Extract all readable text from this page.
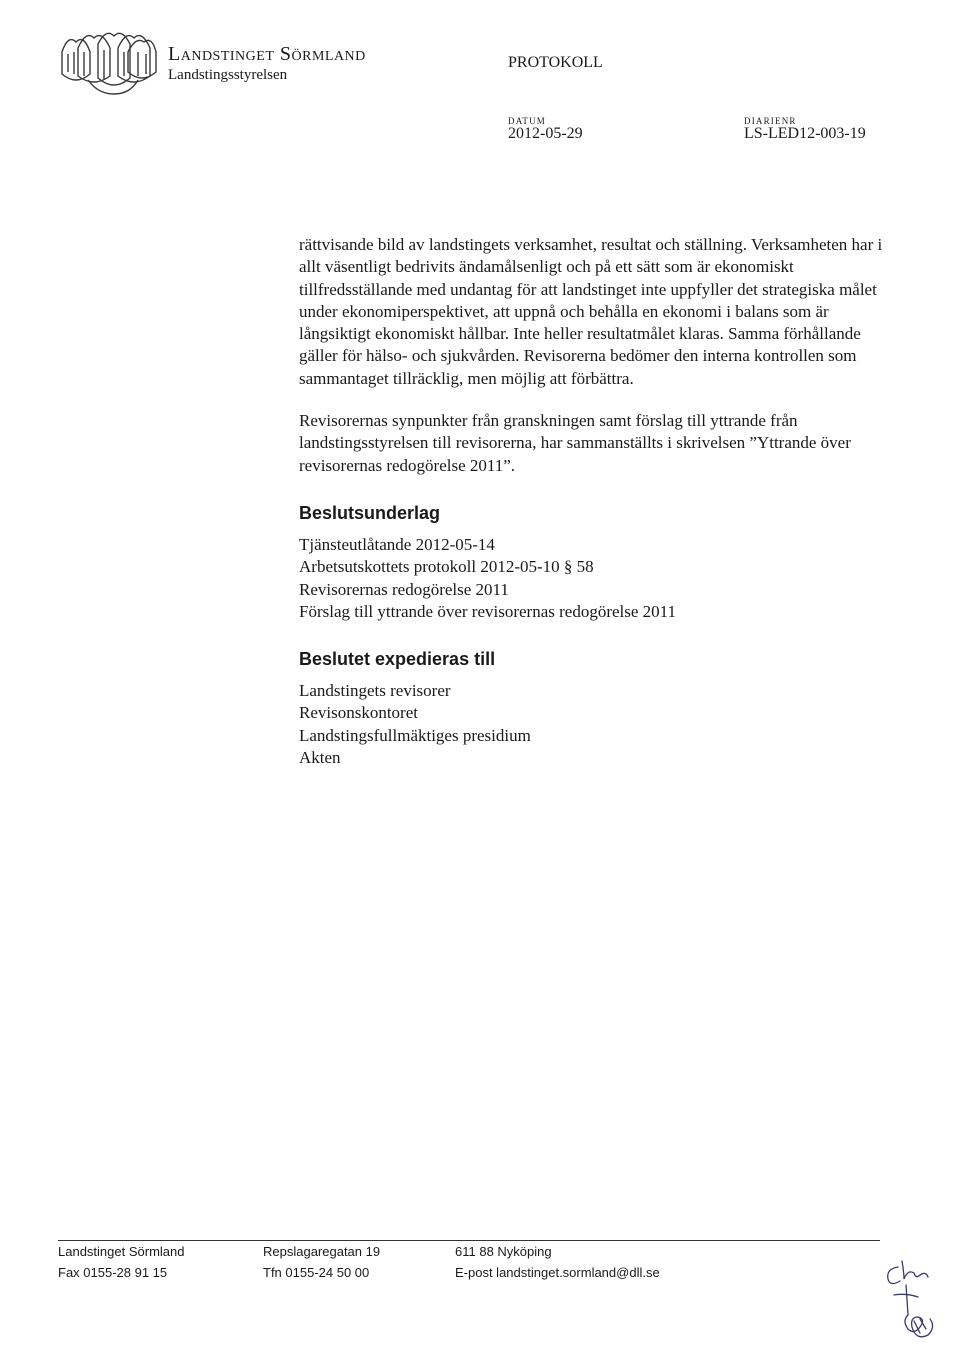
Landstinget Sörmland
Landstingsstyrelsen
PROTOKOLL
DATUM
2012-05-29
DIARIENR
LS-LED12-003-19

rättvisande bild av landstingets verksamhet, resultat och ställning. Verksamheten har i allt väsentligt bedrivits ändamålsenligt och på ett sätt som är ekonomiskt tillfredsställande med undantag för att landstinget inte uppfyller det strategiska målet under ekonomiperspektivet, att uppnå och behålla en ekonomi i balans som är långsiktigt ekonomiskt hållbar. Inte heller resultatmålet klaras. Samma förhållande gäller för hälso- och sjukvården. Revisorerna bedömer den interna kontrollen som sammantaget tillräcklig, men möjlig att förbättra.

Revisorernas synpunkter från granskningen samt förslag till yttrande från landstingsstyrelsen till revisorerna, har sammanställts i skrivelsen ”Yttrande över revisorernas redogörelse 2011”.

Beslutsunderlag
Tjänsteutlåtande 2012-05-14
Arbetsutskottets protokoll 2012-05-10 § 58
Revisorernas redogörelse 2011
Förslag till yttrande över revisorernas redogörelse 2011
Beslutet expedieras till
Landstingets revisorer
Revisonskontoret
Landstingsfullmäktiges presidium
Akten
Landstinget Sörmland
Fax 0155-28 91 15
Repslagaregatan 19
Tfn 0155-24 50 00
611 88 Nyköping
E-post landstinget.sormland@dll.se
